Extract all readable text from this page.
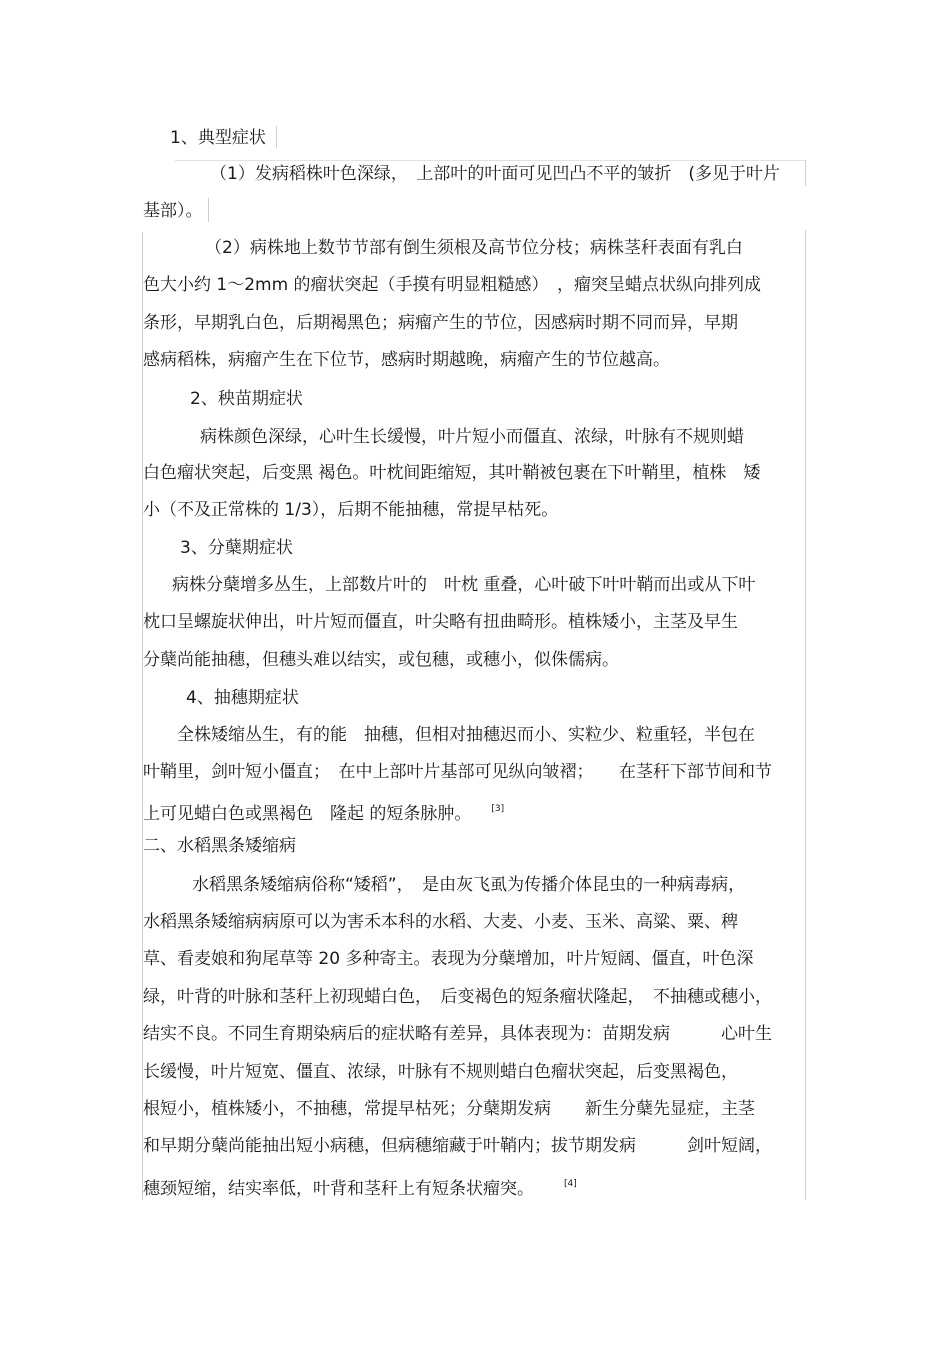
1、典型症状
（1）发病稻株叶色深绿，　上部叶的叶面可见凹凸不平的皱折　(多见于叶片
基部）。
（2）病株地上数节节部有倒生须根及高节位分枝；病株茎秆表面有乳白
色大小约 1～2mm 的瘤状突起（手摸有明显粗糙感）　，瘤突呈蜡点状纵向排列成
条形，早期乳白色，后期褐黑色；病瘤产生的节位，因感病时期不同而异，早期
感病稻株，病瘤产生在下位节，感病时期越晚，病瘤产生的节位越高。
2、秧苗期症状
病株颜色深绿，心叶生长缓慢，叶片短小而僵直、浓绿，叶脉有不规则蜡
白色瘤状突起，后变黑 褐色。叶枕间距缩短，其叶鞘被包裹在下叶鞘里，植株　矮
小（不及正常株的 1/3），后期不能抽穗，常提早枯死。
3、分蘖期症状
病株分蘖增多丛生，上部数片叶的　叶枕 重叠，心叶破下叶叶鞘而出或从下叶
枕口呈螺旋状伸出，叶片短而僵直，叶尖略有扭曲畸形。植株矮小，主茎及早生
分蘖尚能抽穗，但穗头难以结实，或包穗，或穗小，似侏儒病。
4、抽穗期症状
全株矮缩丛生，有的能　抽穗，但相对抽穗迟而小、实粒少、粒重轻，半包在
叶鞘里，剑叶短小僵直；　在中上部叶片基部可见纵向皱褶；　　在茎秆下部节间和节
上可见蜡白色或黑褐色　隆起 的短条脉肿。 [3]
二、水稻黑条矮缩病
水稻黑条矮缩病俗称“矮稻”，　是由灰飞虱为传播介体昆虫的一种病毒病，
水稻黑条矮缩病病原可以为害禾本科的水稻、大麦、小麦、玉米、高粱、粟、稗
草、看麦娘和狗尾草等 20 多种寄主。表现为分蘖增加，叶片短阔、僵直，叶色深
绿，叶背的叶脉和茎秆上初现蜡白色，　后变褐色的短条瘤状隆起，　不抽穗或穗小，
结实不良。不同生育期染病后的症状略有差异，具体表现为：苗期发病　　　心叶生
长缓慢，叶片短宽、僵直、浓绿，叶脉有不规则蜡白色瘤状突起，后变黑褐色，
根短小，植株矮小，不抽穗，常提早枯死；分蘖期发病　　新生分蘖先显症，主茎
和早期分蘖尚能抽出短小病穗，但病穗缩藏于叶鞘内；拔节期发病　　　剑叶短阔，
穗颈短缩，结实率低，叶背和茎秆上有短条状瘤突。	[4]
